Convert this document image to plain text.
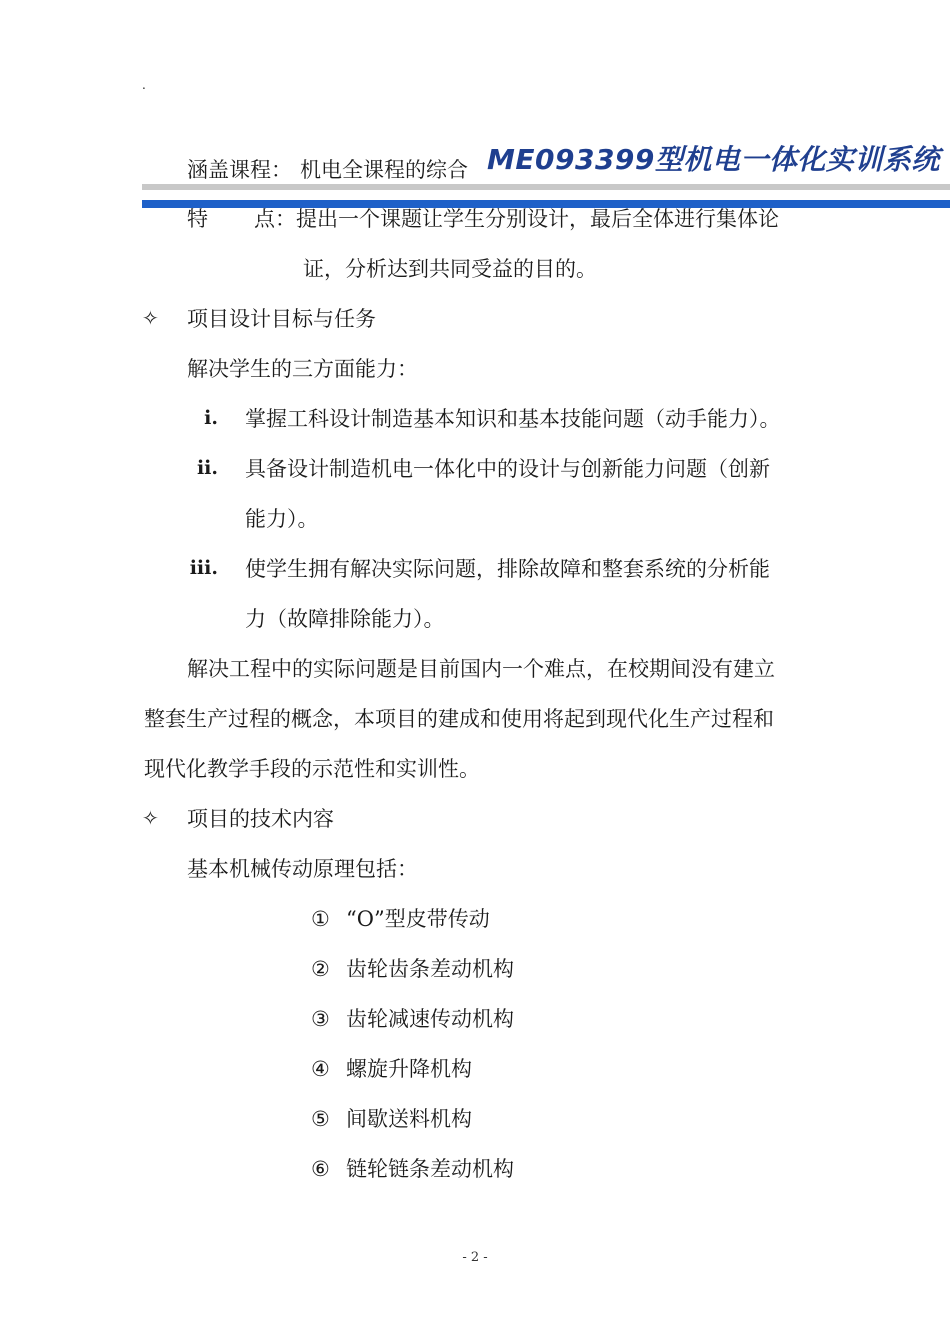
.
涵盖课程： 机电全课程的综合 ME093399型机电一体化实训系统
特 点： 提出一个课题让学生分别设计，最后全体进行集体论
证，分析达到共同受益的目的。
✧ 项目设计目标与任务
解决学生的三方面能力：
i. 掌握工科设计制造基本知识和基本技能问题（动手能力）。
ii. 具备设计制造机电一体化中的设计与创新能力问题（创新
能力）。
iii. 使学生拥有解决实际问题，排除故障和整套系统的分析能
力（故障排除能力）。
解决工程中的实际问题是目前国内一个难点，在校期间没有建立
整套生产过程的概念，本项目的建成和使用将起到现代化生产过程和
现代化教学手段的示范性和实训性。
✧ 项目的技术内容
基本机械传动原理包括：
① “O”型皮带传动
② 齿轮齿条差动机构
③ 齿轮减速传动机构
④ 螺旋升降机构
⑤ 间歇送料机构
⑥ 链轮链条差动机构
- 2 -
